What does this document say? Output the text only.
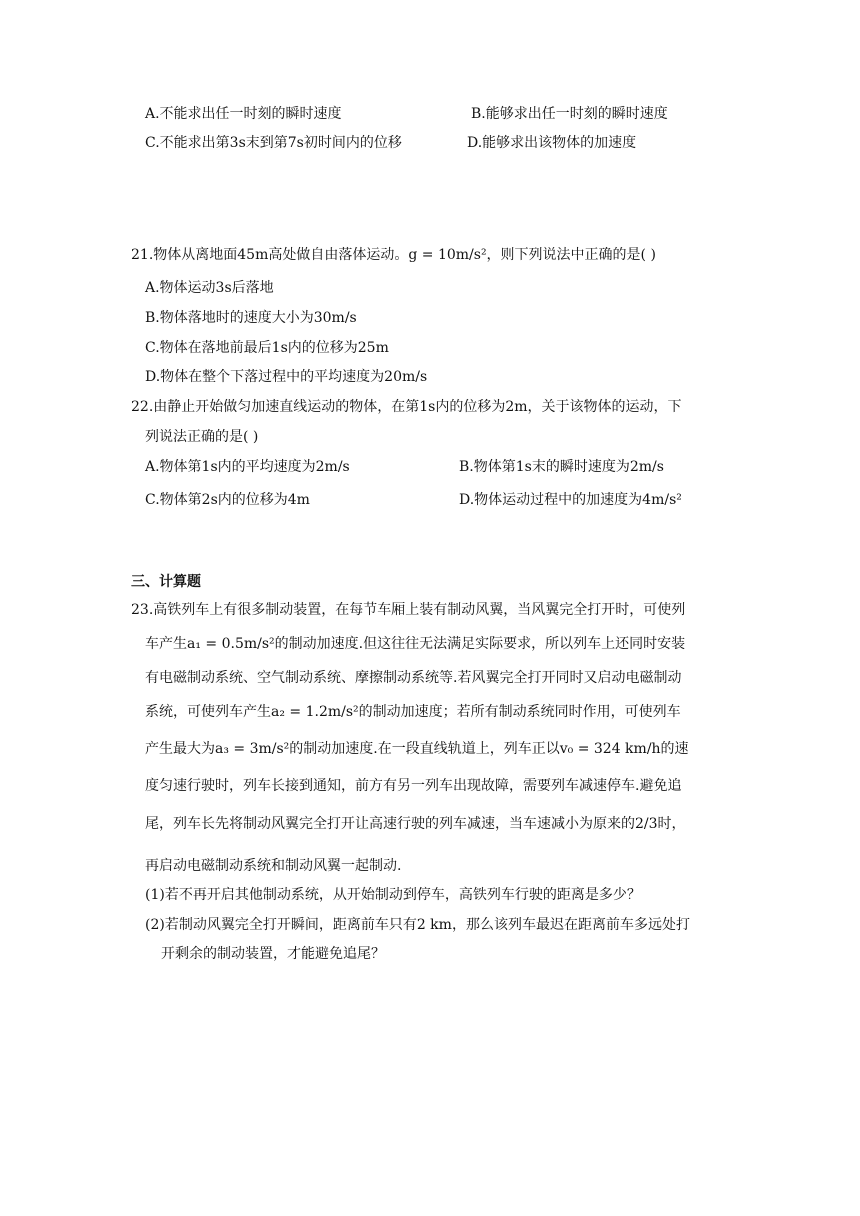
A.不能求出任一时刻的瞬时速度	B.能够求出任一时刻的瞬时速度
C.不能求出第3s末到第7s初时间内的位移	D.能够求出该物体的加速度
21.物体从离地面45m高处做自由落体运动。g = 10m/s²，则下列说法中正确的是( )
A.物体运动3s后落地
B.物体落地时的速度大小为30m/s
C.物体在落地前最后1s内的位移为25m
D.物体在整个下落过程中的平均速度为20m/s
22.由静止开始做匀加速直线运动的物体，在第1s内的位移为2m，关于该物体的运动，下
列说法正确的是( )
A.物体第1s内的平均速度为2m/s	B.物体第1s末的瞬时速度为2m/s
C.物体第2s内的位移为4m	D.物体运动过程中的加速度为4m/s²
三、计算题
23.高铁列车上有很多制动装置，在每节车厢上装有制动风翼，当风翼完全打开时，可使列
车产生a₁ = 0.5m/s²的制动加速度.但这往往无法满足实际要求，所以列车上还同时安装
有电磁制动系统、空气制动系统、摩擦制动系统等.若风翼完全打开同时又启动电磁制动
系统，可使列车产生a₂ = 1.2m/s²的制动加速度；若所有制动系统同时作用，可使列车
产生最大为a₃ = 3m/s²的制动加速度.在一段直线轨道上，列车正以v₀ = 324 km/h的速
度匀速行驶时，列车长接到通知，前方有另一列车出现故障，需要列车减速停车.避免追
尾，列车长先将制动风翼完全打开让高速行驶的列车减速，当车速减小为原来的2/3时，
再启动电磁制动系统和制动风翼一起制动.
(1)若不再开启其他制动系统，从开始制动到停车，高铁列车行驶的距离是多少？
(2)若制动风翼完全打开瞬间，距离前车只有2 km，那么该列车最迟在距离前车多远处打
开剩余的制动装置，才能避免追尾？
